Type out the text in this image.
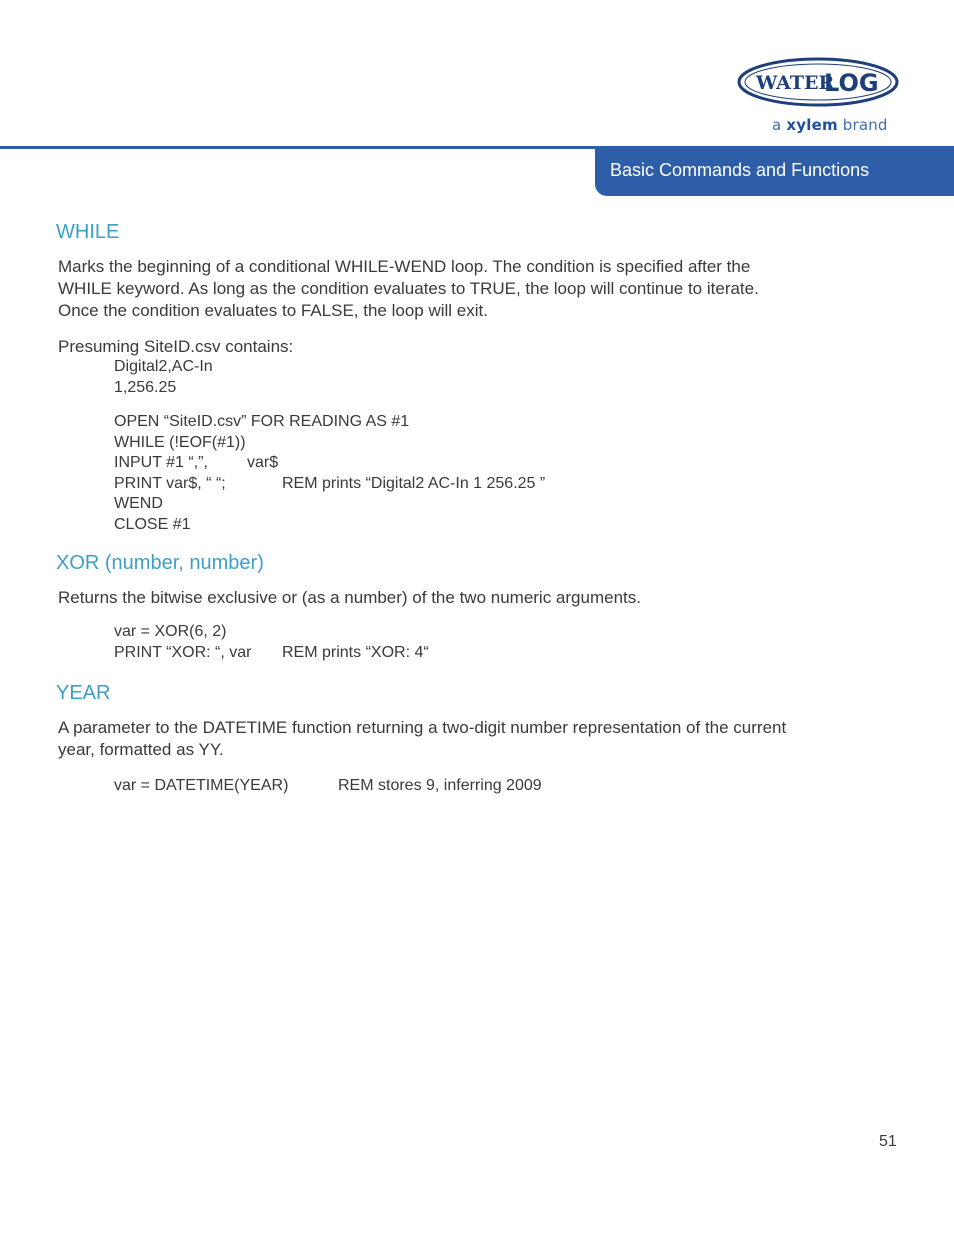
WATER
LOG
a xylem brand
Basic Commands and Functions
WHILE
Marks the beginning of a conditional WHILE-WEND loop. The condition is specified after the
WHILE keyword. As long as the condition evaluates to TRUE, the loop will continue to iterate.
Once the condition evaluates to FALSE, the loop will exit.
Presuming SiteID.csv contains:
Digital2,AC-In
1,256.25
OPEN “SiteID.csv” FOR READING AS #1
WHILE (!EOF(#1))
INPUT #1 “,”, var$
PRINT var$, “ “;	REM prints “Digital2 AC-In 1 256.25 ”
WEND
CLOSE #1
XOR (number, number)
Returns the bitwise exclusive or (as a number) of the two numeric arguments.
var = XOR(6, 2)
PRINT “XOR: “, var REM prints “XOR: 4“
YEAR
A parameter to the DATETIME function returning a two-digit number representation of the current
year, formatted as YY.
var = DATETIME(YEAR)	REM stores 9, inferring 2009
51
